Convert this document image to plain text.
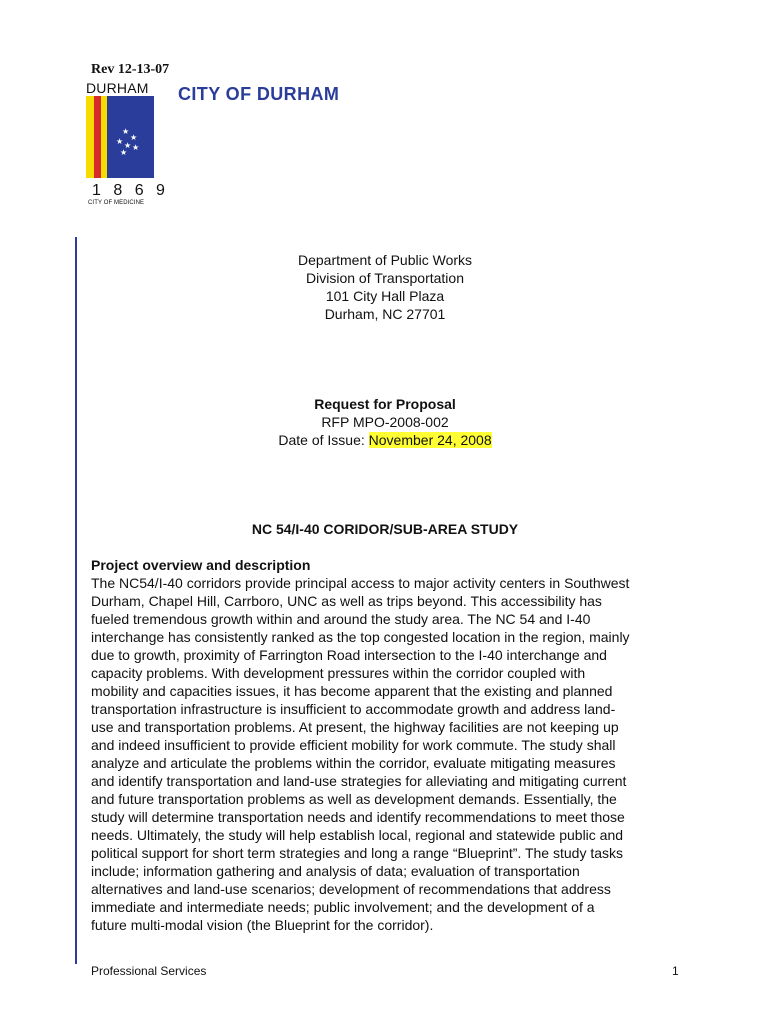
Rev 12-13-07
DURHAM
★
★
★ ★ ★
★
1 8 6 9
CITY OF MEDICINE
CITY OF DURHAM
Department of Public Works
Division of Transportation
101 City Hall Plaza
Durham, NC 27701
Request for Proposal
RFP MPO-2008-002
Date of Issue: November 24, 2008
NC 54/I-40 CORIDOR/SUB-AREA STUDY

Project overview and description

The NC54/I-40 corridors provide principal access to major activity centers in Southwest
Durham, Chapel Hill, Carrboro, UNC as well as trips beyond. This accessibility has
fueled tremendous growth within and around the study area. The NC 54 and I-40
interchange has consistently ranked as the top congested location in the region, mainly
due to growth, proximity of Farrington Road intersection to the I-40 interchange and
capacity problems. With development pressures within the corridor coupled with
mobility and capacities issues, it has become apparent that the existing and planned
transportation infrastructure is insufficient to accommodate growth and address land-
use and transportation problems. At present, the highway facilities are not keeping up
and indeed insufficient to provide efficient mobility for work commute. The study shall
analyze and articulate the problems within the corridor, evaluate mitigating measures
and identify transportation and land-use strategies for alleviating and mitigating current
and future transportation problems as well as development demands. Essentially, the
study will determine transportation needs and identify recommendations to meet those
needs. Ultimately, the study will help establish local, regional and statewide public and
political support for short term strategies and long a range “Blueprint”. The study tasks
include; information gathering and analysis of data; evaluation of transportation
alternatives and land-use scenarios; development of recommendations that address
immediate and intermediate needs; public involvement; and the development of a
future multi-modal vision (the Blueprint for the corridor).
Professional Services	1
